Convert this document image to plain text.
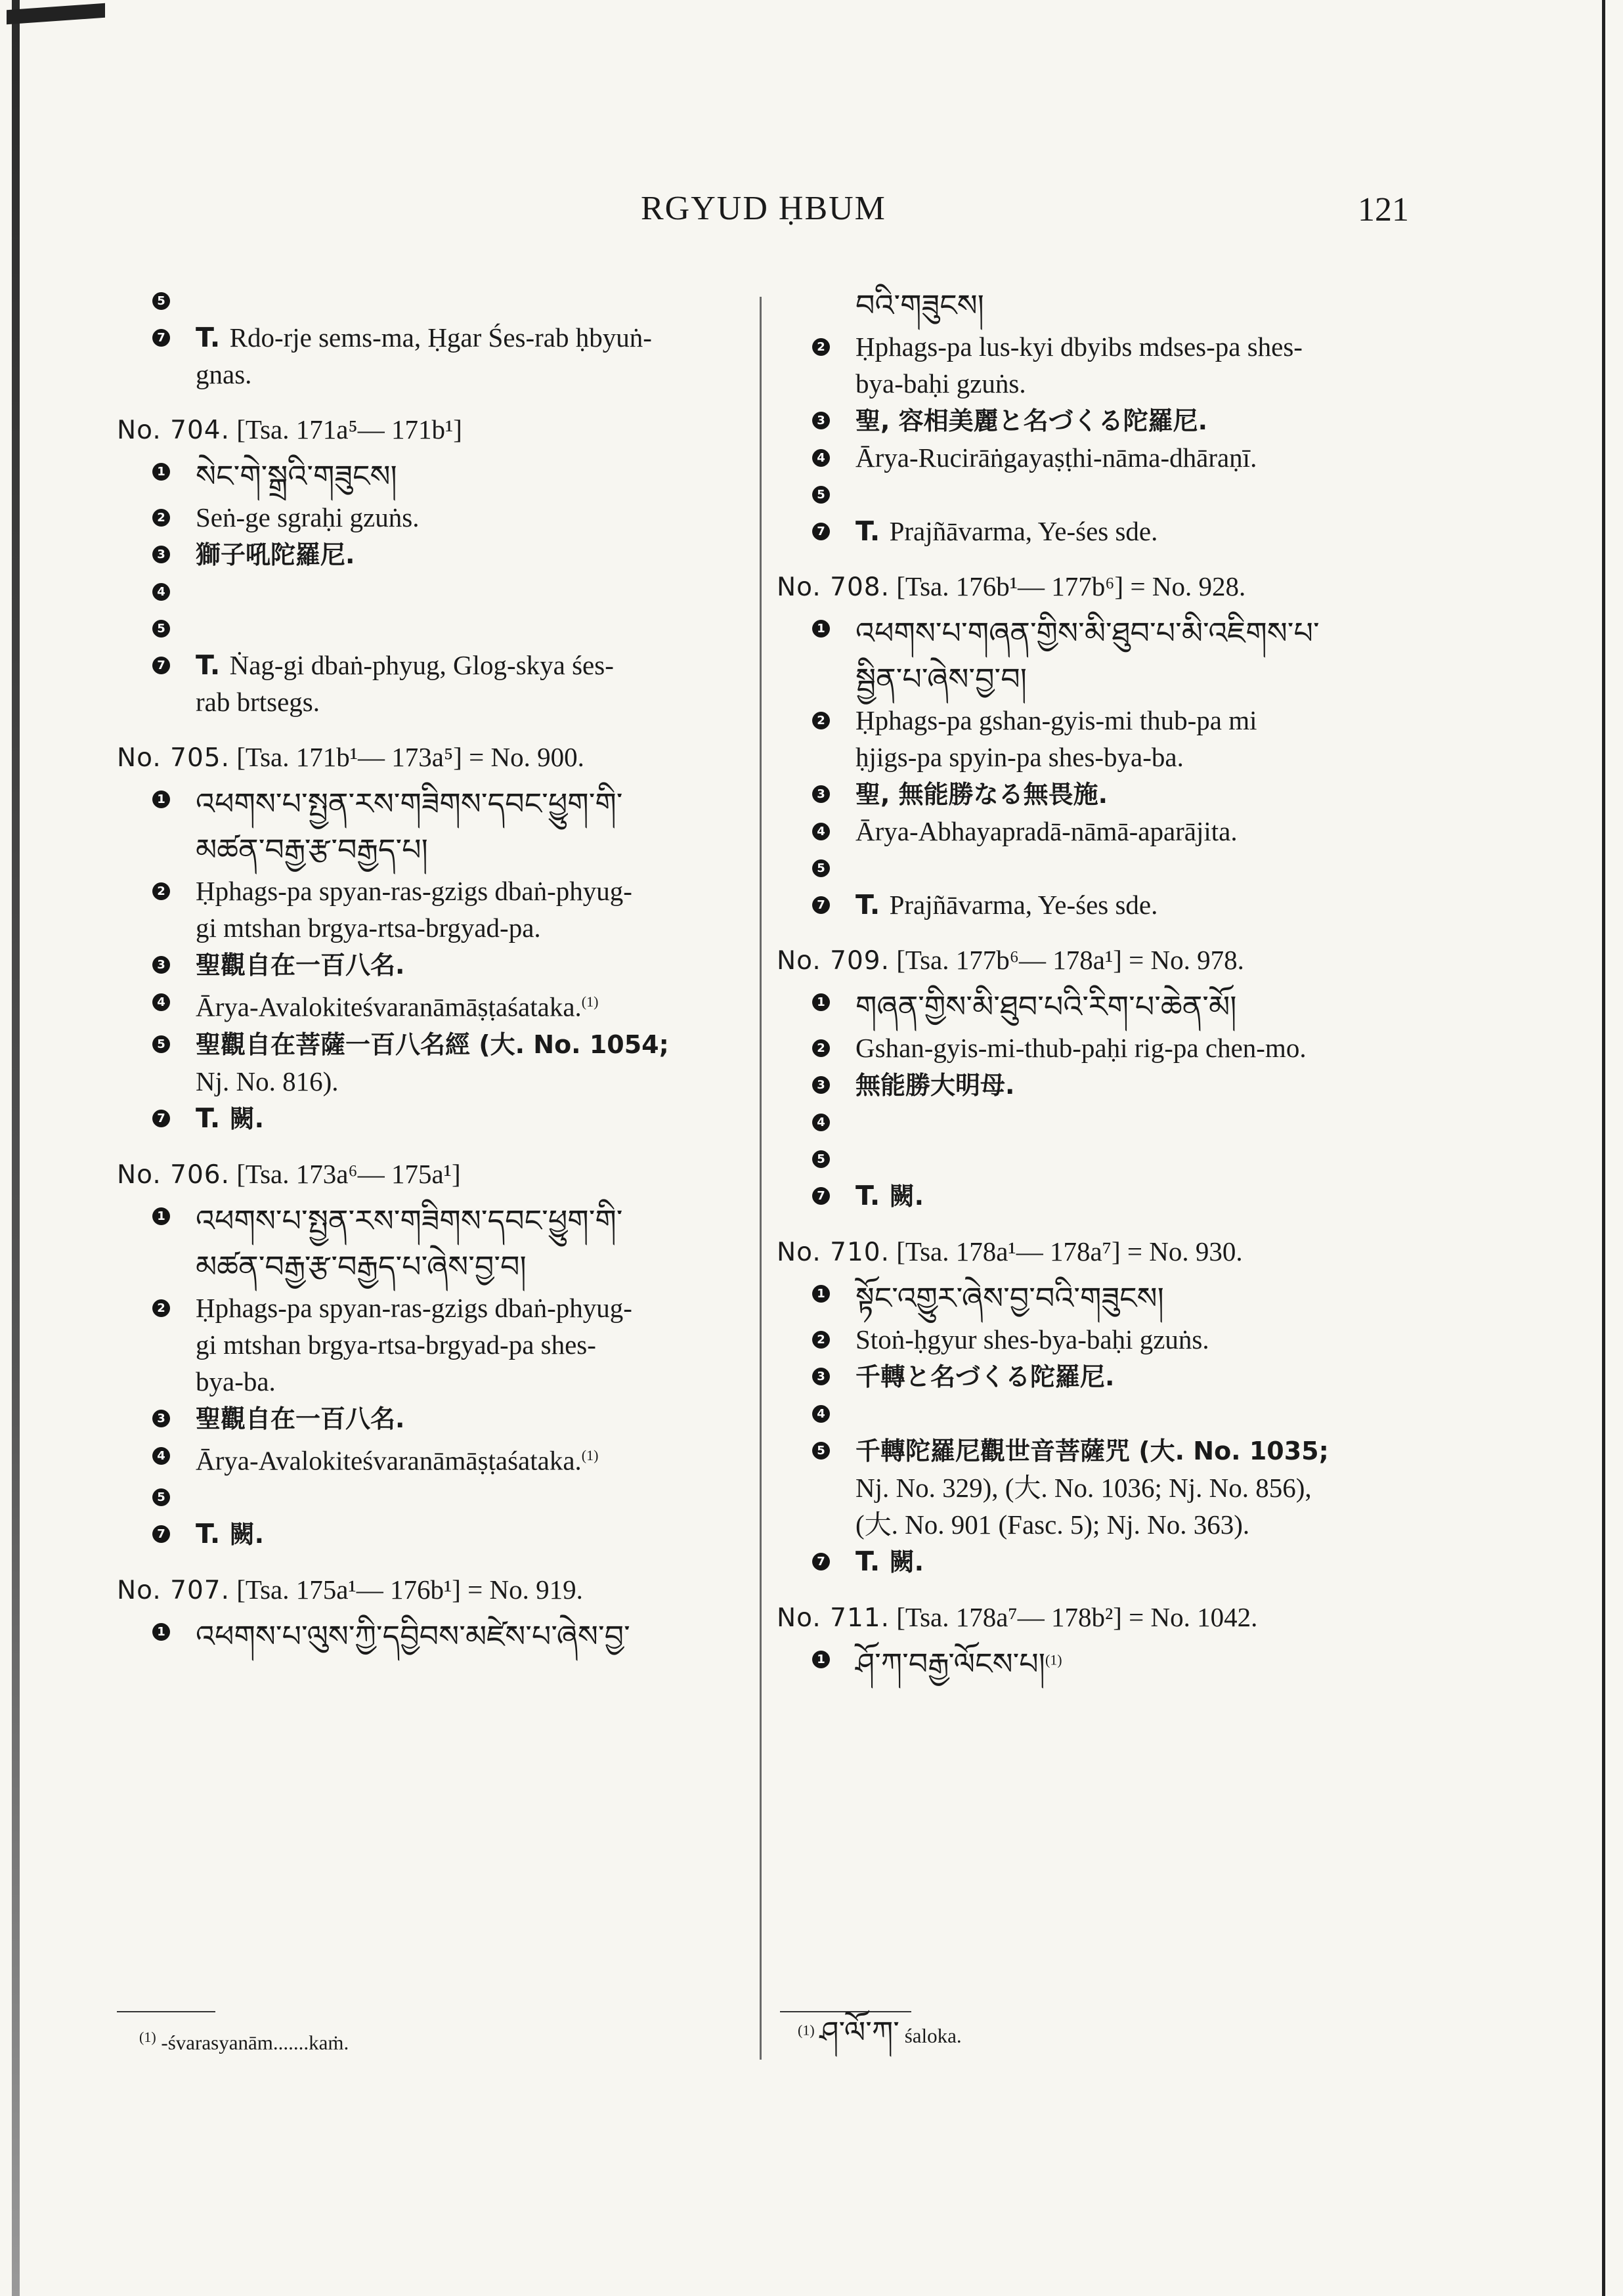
RGYUD ḤBUM	121
5
7	T. Rdo-rje sems-ma, Ḥgar Śes-rab ḥbyuṅ-
gnas.
No. 704. [Tsa. 171a⁵— 171b¹]
1	སེང་གེ་སྒྲའི་གཟུངས།
2	Seṅ-ge sgraḥi gzuṅs.
3	獅子吼陀羅尼.
4
5
7	T. Ṅag-gi dbaṅ-phyug, Glog-skya śes-
rab brtsegs.
No. 705. [Tsa. 171b¹— 173a⁵] = No. 900.
1	འཕགས་པ་སྤྱན་རས་གཟིགས་དབང་ཕྱུག་གི་
མཚན་བརྒྱ་རྩ་བརྒྱད་པ།
2	Ḥphags-pa spyan-ras-gzigs dbaṅ-phyug-
gi mtshan brgya-rtsa-brgyad-pa.
3	聖觀自在一百八名.
4	Ārya-Avalokiteśvaranāmāṣṭaśataka.$^{(1)}$
5	聖觀自在菩薩一百八名經 (大. No. 1054;
Nj. No. 816).
7	T. 闕.
No. 706. [Tsa. 173a⁶— 175a¹]
1	འཕགས་པ་སྤྱན་རས་གཟིགས་དབང་ཕྱུག་གི་
མཚན་བརྒྱ་རྩ་བརྒྱད་པ་ཞེས་བྱ་བ།
2	Ḥphags-pa spyan-ras-gzigs dbaṅ-phyug-
gi mtshan brgya-rtsa-brgyad-pa shes-
bya-ba.
3	聖觀自在一百八名.
4	Ārya-Avalokiteśvaranāmāṣṭaśataka.$^{(1)}$
5
7	T. 闕.
No. 707. [Tsa. 175a¹— 176b¹] = No. 919.
1	འཕགས་པ་ལུས་ཀྱི་དབྱིབས་མཛེས་པ་ཞེས་བྱ་
བའི་གཟུངས།
2	Ḥphags-pa lus-kyi dbyibs mdses-pa shes-
bya-baḥi gzuṅs.
3	聖, 容相美麗と名づくる陀羅尼.
4	Ārya-Rucirāṅgayaṣṭhi-nāma-dhāraṇī.
5
7	T. Prajñāvarma, Ye-śes sde.
No. 708. [Tsa. 176b¹— 177b⁶] = No. 928.
1	འཕགས་པ་གཞན་གྱིས་མི་ཐུབ་པ་མི་འཇིགས་པ་
སྦྱིན་པ་ཞེས་བྱ་བ།
2	Ḥphags-pa gshan-gyis-mi thub-pa mi
ḥjigs-pa spyin-pa shes-bya-ba.
3	聖, 無能勝なる無畏施.
4	Ārya-Abhayapradā-nāmā-aparājita.
5
7	T. Prajñāvarma, Ye-śes sde.
No. 709. [Tsa. 177b⁶— 178a¹] = No. 978.
1	གཞན་གྱིས་མི་ཐུབ་པའི་རིག་པ་ཆེན་མོ།
2	Gshan-gyis-mi-thub-paḥi rig-pa chen-mo.
3	無能勝大明母.
4
5
7	T. 闕.
No. 710. [Tsa. 178a¹— 178a⁷] = No. 930.
1	སྟོང་འགྱུར་ཞེས་བྱ་བའི་གཟུངས།
2	Stoṅ-ḥgyur shes-bya-baḥi gzuṅs.
3	千轉と名づくる陀羅尼.
4
5	千轉陀羅尼觀世音菩薩咒 (大. No. 1035;
Nj. No. 329), (大. No. 1036; Nj. No. 856),
(大. No. 901 (Fasc. 5); Nj. No. 363).
7	T. 闕.
No. 711. [Tsa. 178a⁷— 178b²] = No. 1042.
1	ཤོ་ཀ་བརྒྱ་ལོངས་པ།$^{(1)}$
$^{(1)}$ -śvarasyanām.......kaṁ.
$^{(1)}$ ཤ་ལོ་ཀ་ śaloka.
